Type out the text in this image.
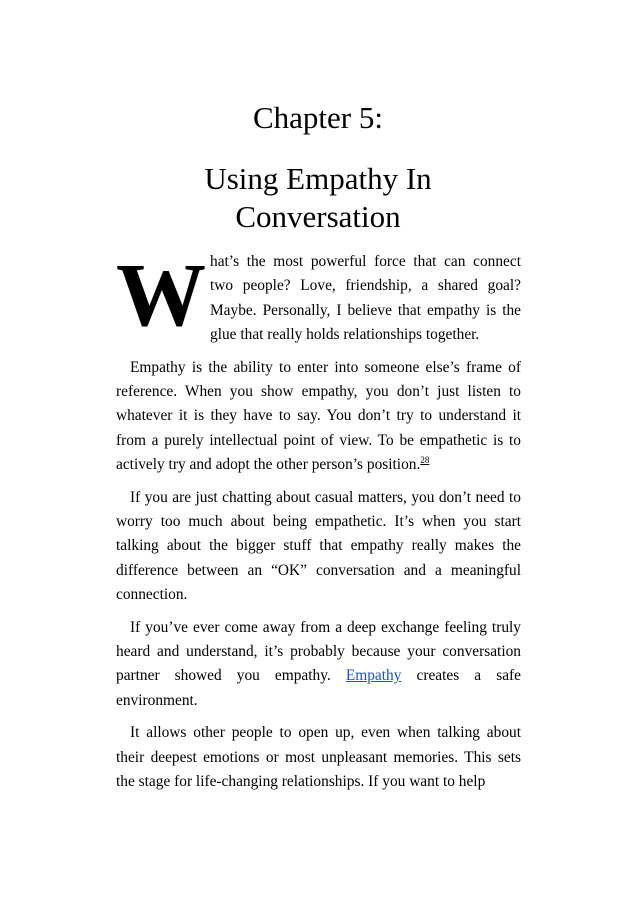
Chapter 5:
Using Empathy In
Conversation

What’s the most powerful force that can connect two people? Love, friendship, a shared goal? Maybe. Personally, I believe that empathy is the glue that really holds relationships together.

Empathy is the ability to enter into someone else’s frame of reference. When you show empathy, you don’t just listen to whatever it is they have to say. You don’t try to understand it from a purely intellectual point of view. To be empathetic is to actively try and adopt the other person’s position.$^{28}$

If you are just chatting about casual matters, you don’t need to worry too much about being empathetic. It’s when you start talking about the bigger stuff that empathy really makes the difference between an “OK” conversation and a meaningful connection.

If you’ve ever come away from a deep exchange feeling truly heard and understand, it’s probably because your conversation partner showed you empathy. Empathy creates a safe environment.

It allows other people to open up, even when talking about their deepest emotions or most unpleasant memories. This sets the stage for life-changing relationships. If you want to help
